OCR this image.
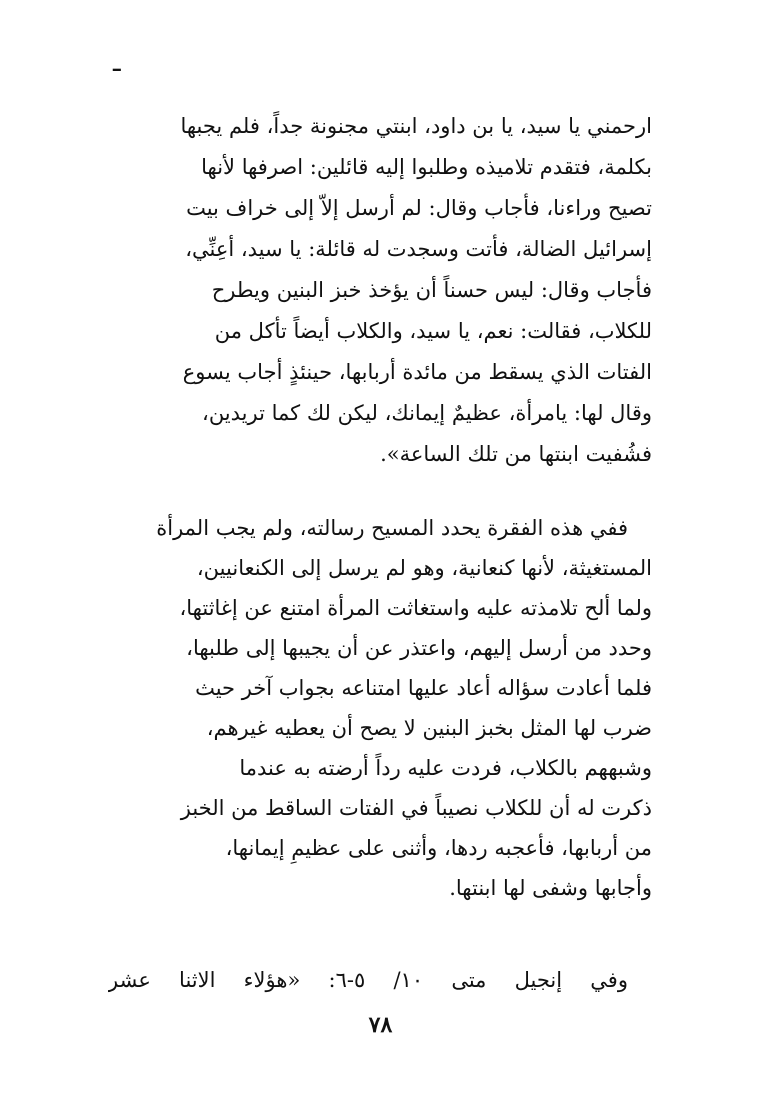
ـ
ارحمني يا سيد، يا بن داود، ابنتي مجنونة جداً، فلم يجبها
بكلمة، فتقدم تلاميذه وطلبوا إليه قائلين: اصرفها لأنها
تصيح وراءنا، فأجاب وقال: لم أرسل إلاّ إلى خراف بيت
إسرائيل الضالة، فأتت وسجدت له قائلة: يا سيد، أعِنِّي،
فأجاب وقال: ليس حسناً أن يؤخذ خبز البنين ويطرح
للكلاب، فقالت: نعم، يا سيد، والكلاب أيضاً تأكل من
الفتات الذي يسقط من مائدة أربابها، حينئذٍ أجاب يسوع
وقال لها: يامرأة، عظيمٌ إيمانك، ليكن لك كما تريدين،
فشُفيت ابنتها من تلك الساعة».
ففي هذه الفقرة يحدد المسيح رسالته، ولم يجب المرأة
المستغيثة، لأنها كنعانية، وهو لم يرسل إلى الكنعانيين،
ولما ألح تلامذته عليه واستغاثت المرأة امتنع عن إغاثتها،
وحدد من أرسل إليهم، واعتذر عن أن يجيبها إلى طلبها،
فلما أعادت سؤاله أعاد عليها امتناعه بجواب آخر حيث
ضرب لها المثل بخبز البنين لا يصح أن يعطيه غيرهم،
وشبههم بالكلاب، فردت عليه رداً أرضته به عندما
ذكرت له أن للكلاب نصيباً في الفتات الساقط من الخبز
من أربابها، فأعجبه ردها، وأثنى على عظيمِ إيمانها،
وأجابها وشفى لها ابنتها.
وفي إنجيل متى ١٠/ ٥-٦: «هؤلاء الاثنا عشر
٧٨
